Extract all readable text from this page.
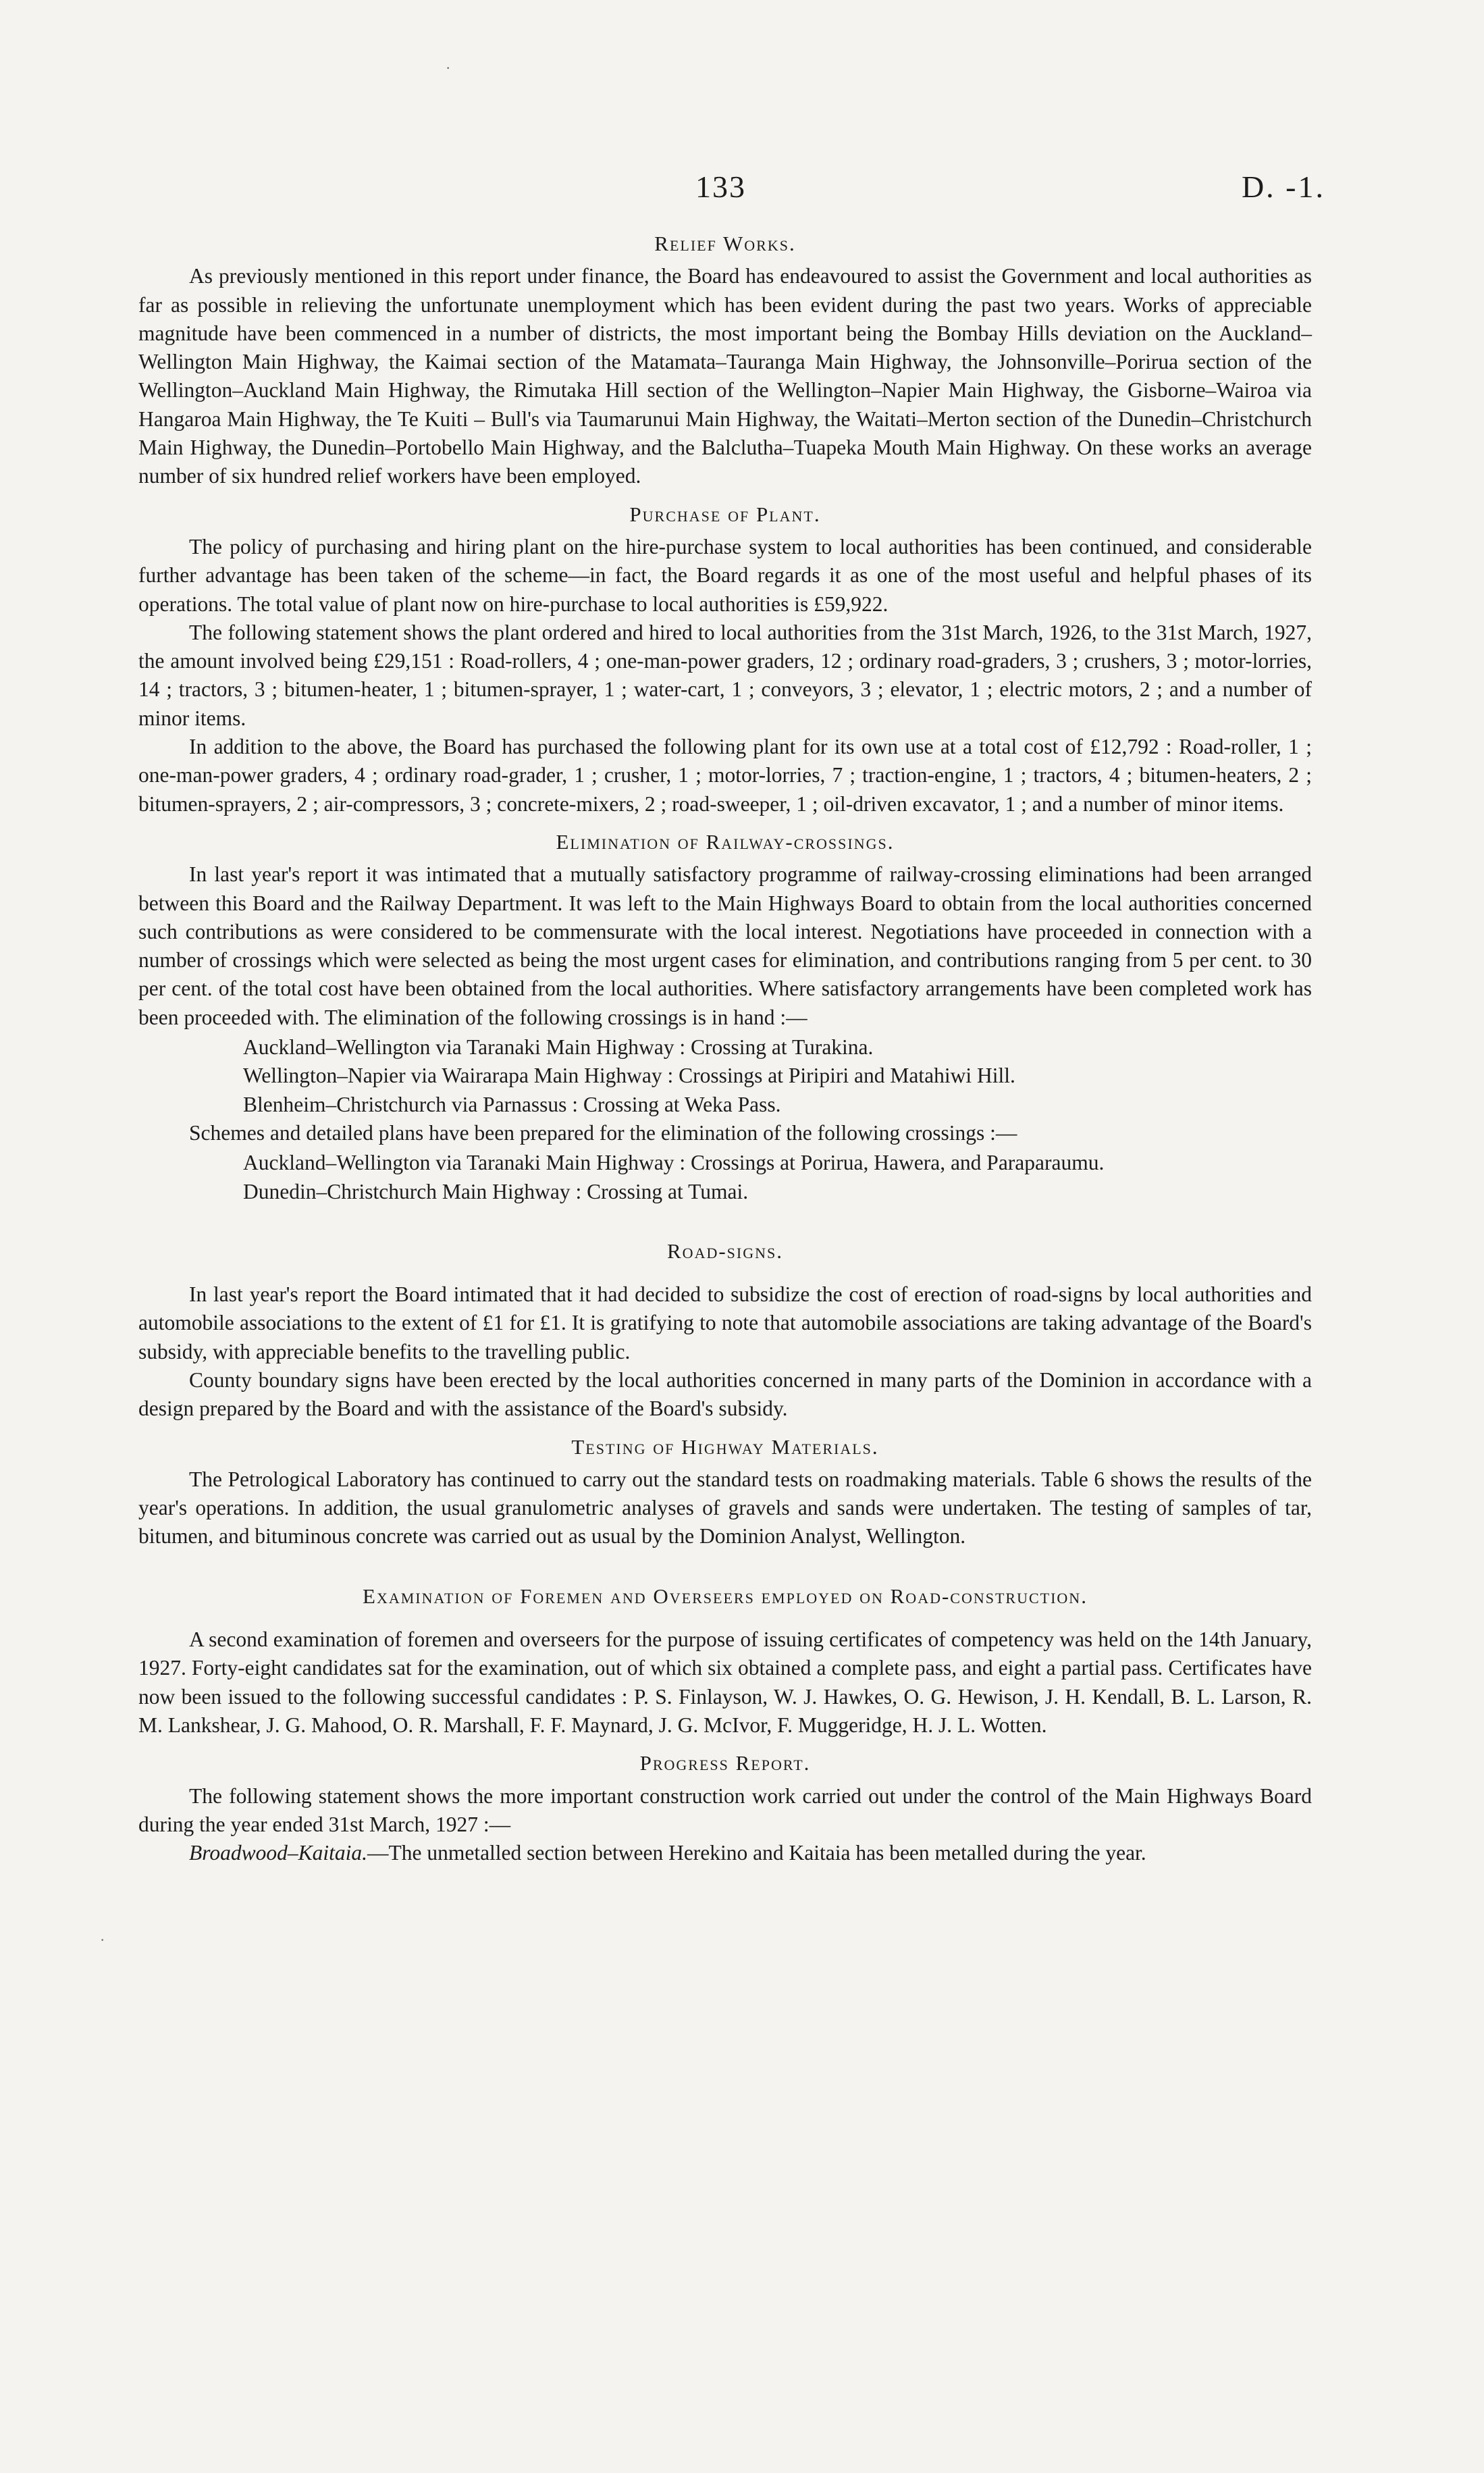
133	D. -1.
Relief Works.

As previously mentioned in this report under finance, the Board has endeavoured to assist the Government and local authorities as far as possible in relieving the unfortunate unemployment which has been evident during the past two years. Works of appreciable magnitude have been commenced in a number of districts, the most important being the Bombay Hills deviation on the Auckland–Wellington Main Highway, the Kaimai section of the Matamata–Tauranga Main Highway, the Johnsonville–Porirua section of the Wellington–Auckland Main Highway, the Rimutaka Hill section of the Wellington–Napier Main Highway, the Gisborne–Wairoa via Hangaroa Main Highway, the Te Kuiti – Bull's via Taumarunui Main Highway, the Waitati–Merton section of the Dunedin–Christchurch Main Highway, the Dunedin–Portobello Main Highway, and the Balclutha–Tuapeka Mouth Main Highway. On these works an average number of six hundred relief workers have been employed.

Purchase of Plant.

The policy of purchasing and hiring plant on the hire-purchase system to local authorities has been continued, and considerable further advantage has been taken of the scheme—in fact, the Board regards it as one of the most useful and helpful phases of its operations. The total value of plant now on hire-purchase to local authorities is £59,922.

The following statement shows the plant ordered and hired to local authorities from the 31st March, 1926, to the 31st March, 1927, the amount involved being £29,151 : Road-rollers, 4 ; one-man-power graders, 12 ; ordinary road-graders, 3 ; crushers, 3 ; motor-lorries, 14 ; tractors, 3 ; bitumen-heater, 1 ; bitumen-sprayer, 1 ; water-cart, 1 ; conveyors, 3 ; elevator, 1 ; electric motors, 2 ; and a number of minor items.

In addition to the above, the Board has purchased the following plant for its own use at a total cost of £12,792 : Road-roller, 1 ; one-man-power graders, 4 ; ordinary road-grader, 1 ; crusher, 1 ; motor-lorries, 7 ; traction-engine, 1 ; tractors, 4 ; bitumen-heaters, 2 ; bitumen-sprayers, 2 ; air-compressors, 3 ; concrete-mixers, 2 ; road-sweeper, 1 ; oil-driven excavator, 1 ; and a number of minor items.

Elimination of Railway-crossings.

In last year's report it was intimated that a mutually satisfactory programme of railway-crossing eliminations had been arranged between this Board and the Railway Department. It was left to the Main Highways Board to obtain from the local authorities concerned such contributions as were considered to be commensurate with the local interest. Negotiations have proceeded in connection with a number of crossings which were selected as being the most urgent cases for elimination, and contributions ranging from 5 per cent. to 30 per cent. of the total cost have been obtained from the local authorities. Where satisfactory arrangements have been completed work has been proceeded with. The elimination of the following crossings is in hand :—

Auckland–Wellington via Taranaki Main Highway : Crossing at Turakina.
Wellington–Napier via Wairarapa Main Highway : Crossings at Piripiri and Matahiwi Hill.
Blenheim–Christchurch via Parnassus : Crossing at Weka Pass.
Schemes and detailed plans have been prepared for the elimination of the following crossings :—
Auckland–Wellington via Taranaki Main Highway : Crossings at Porirua, Hawera, and Paraparaumu.
Dunedin–Christchurch Main Highway : Crossing at Tumai.
Road-signs.

In last year's report the Board intimated that it had decided to subsidize the cost of erection of road-signs by local authorities and automobile associations to the extent of £1 for £1. It is gratifying to note that automobile associations are taking advantage of the Board's subsidy, with appreciable benefits to the travelling public.

County boundary signs have been erected by the local authorities concerned in many parts of the Dominion in accordance with a design prepared by the Board and with the assistance of the Board's subsidy.

Testing of Highway Materials.

The Petrological Laboratory has continued to carry out the standard tests on roadmaking materials. Table 6 shows the results of the year's operations. In addition, the usual granulometric analyses of gravels and sands were undertaken. The testing of samples of tar, bitumen, and bituminous concrete was carried out as usual by the Dominion Analyst, Wellington.

Examination of Foremen and Overseers employed on Road-construction.

A second examination of foremen and overseers for the purpose of issuing certificates of competency was held on the 14th January, 1927. Forty-eight candidates sat for the examination, out of which six obtained a complete pass, and eight a partial pass. Certificates have now been issued to the following successful candidates : P. S. Finlayson, W. J. Hawkes, O. G. Hewison, J. H. Kendall, B. L. Larson, R. M. Lankshear, J. G. Mahood, O. R. Marshall, F. F. Maynard, J. G. McIvor, F. Muggeridge, H. J. L. Wotten.

Progress Report.

The following statement shows the more important construction work carried out under the control of the Main Highways Board during the year ended 31st March, 1927 :—

Broadwood–Kaitaia.—The unmetalled section between Herekino and Kaitaia has been metalled during the year.

·
·
